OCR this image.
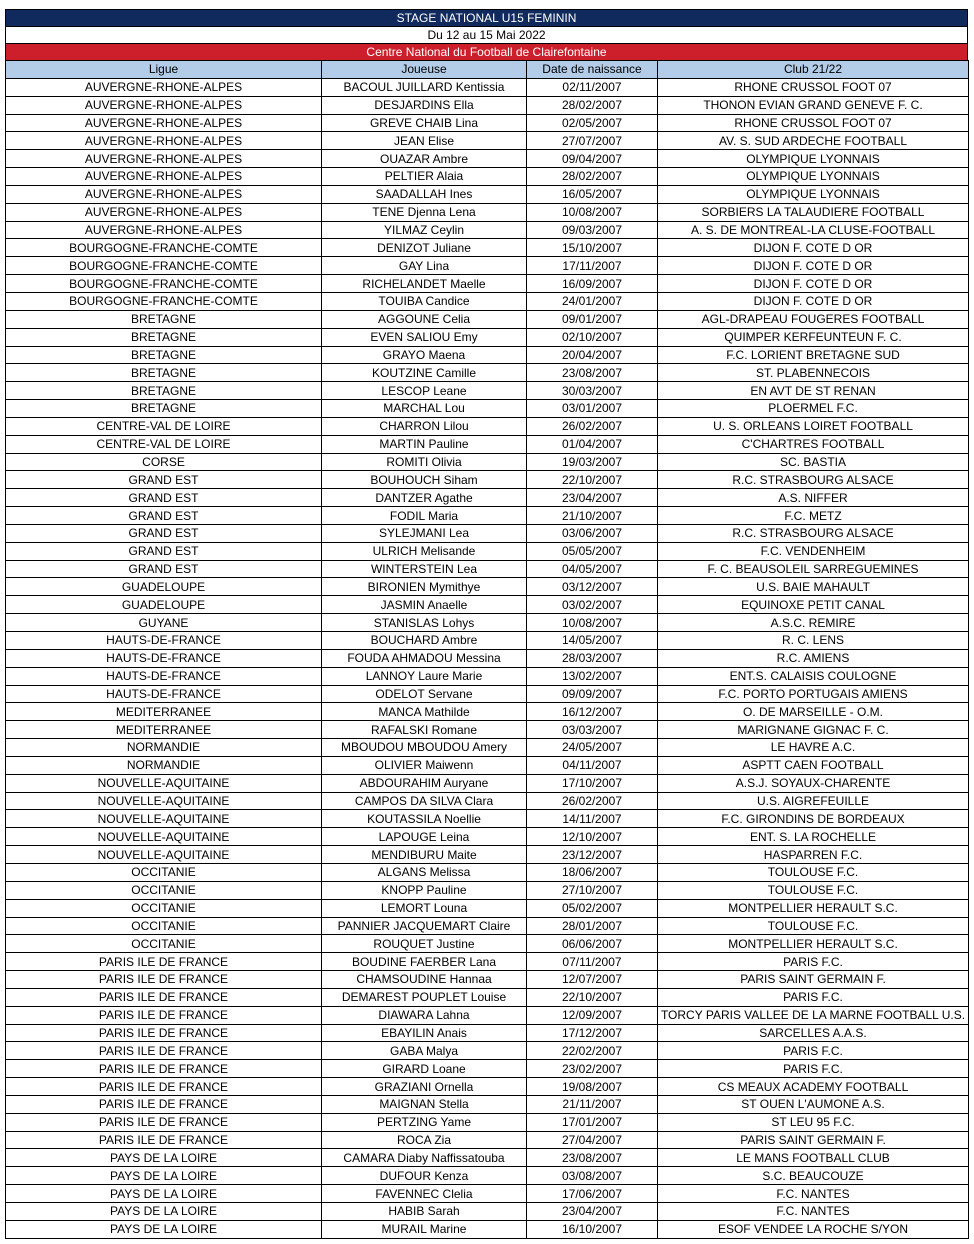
STAGE NATIONAL U15 FEMININ
Du 12 au 15 Mai 2022
Centre National du Football de Clairefontaine
Ligue	Joueuse	Date de naissance	Club 21/22
AUVERGNE-RHONE-ALPES	BACOUL JUILLARD Kentissia	02/11/2007	RHONE CRUSSOL FOOT 07
AUVERGNE-RHONE-ALPES	DESJARDINS Ella	28/02/2007	THONON EVIAN GRAND GENEVE F. C.
AUVERGNE-RHONE-ALPES	GREVE CHAIB Lina	02/05/2007	RHONE CRUSSOL FOOT 07
AUVERGNE-RHONE-ALPES	JEAN Elise	27/07/2007	AV. S. SUD ARDECHE FOOTBALL
AUVERGNE-RHONE-ALPES	OUAZAR Ambre	09/04/2007	OLYMPIQUE LYONNAIS
AUVERGNE-RHONE-ALPES	PELTIER Alaia	28/02/2007	OLYMPIQUE LYONNAIS
AUVERGNE-RHONE-ALPES	SAADALLAH Ines	16/05/2007	OLYMPIQUE LYONNAIS
AUVERGNE-RHONE-ALPES	TENE Djenna Lena	10/08/2007	SORBIERS LA TALAUDIERE FOOTBALL
AUVERGNE-RHONE-ALPES	YILMAZ Ceylin	09/03/2007	A. S. DE MONTREAL-LA CLUSE-FOOTBALL
BOURGOGNE-FRANCHE-COMTE	DENIZOT Juliane	15/10/2007	DIJON F. COTE D OR
BOURGOGNE-FRANCHE-COMTE	GAY Lina	17/11/2007	DIJON F. COTE D OR
BOURGOGNE-FRANCHE-COMTE	RICHELANDET Maelle	16/09/2007	DIJON F. COTE D OR
BOURGOGNE-FRANCHE-COMTE	TOUIBA Candice	24/01/2007	DIJON F. COTE D OR
BRETAGNE	AGGOUNE Celia	09/01/2007	AGL-DRAPEAU FOUGERES FOOTBALL
BRETAGNE	EVEN SALIOU Emy	02/10/2007	QUIMPER KERFEUNTEUN F. C.
BRETAGNE	GRAYO Maena	20/04/2007	F.C. LORIENT BRETAGNE SUD
BRETAGNE	KOUTZINE Camille	23/08/2007	ST. PLABENNECOIS
BRETAGNE	LESCOP Leane	30/03/2007	EN AVT DE ST RENAN
BRETAGNE	MARCHAL Lou	03/01/2007	PLOERMEL F.C.
CENTRE-VAL DE LOIRE	CHARRON Lilou	26/02/2007	U. S. ORLEANS LOIRET FOOTBALL
CENTRE-VAL DE LOIRE	MARTIN Pauline	01/04/2007	C'CHARTRES FOOTBALL
CORSE	ROMITI Olivia	19/03/2007	SC. BASTIA
GRAND EST	BOUHOUCH Siham	22/10/2007	R.C. STRASBOURG ALSACE
GRAND EST	DANTZER Agathe	23/04/2007	A.S. NIFFER
GRAND EST	FODIL Maria	21/10/2007	F.C. METZ
GRAND EST	SYLEJMANI Lea	03/06/2007	R.C. STRASBOURG ALSACE
GRAND EST	ULRICH Melisande	05/05/2007	F.C. VENDENHEIM
GRAND EST	WINTERSTEIN Lea	04/05/2007	F. C. BEAUSOLEIL SARREGUEMINES
GUADELOUPE	BIRONIEN Mymithye	03/12/2007	U.S. BAIE MAHAULT
GUADELOUPE	JASMIN Anaelle	03/02/2007	EQUINOXE PETIT CANAL
GUYANE	STANISLAS Lohys	10/08/2007	A.S.C. REMIRE
HAUTS-DE-FRANCE	BOUCHARD Ambre	14/05/2007	R. C. LENS
HAUTS-DE-FRANCE	FOUDA AHMADOU Messina	28/03/2007	R.C. AMIENS
HAUTS-DE-FRANCE	LANNOY Laure Marie	13/02/2007	ENT.S. CALAISIS COULOGNE
HAUTS-DE-FRANCE	ODELOT Servane	09/09/2007	F.C. PORTO PORTUGAIS AMIENS
MEDITERRANEE	MANCA Mathilde	16/12/2007	O. DE MARSEILLE - O.M.
MEDITERRANEE	RAFALSKI Romane	03/03/2007	MARIGNANE GIGNAC F. C.
NORMANDIE	MBOUDOU MBOUDOU Amery	24/05/2007	LE HAVRE A.C.
NORMANDIE	OLIVIER Maiwenn	04/11/2007	ASPTT CAEN FOOTBALL
NOUVELLE-AQUITAINE	ABDOURAHIM Auryane	17/10/2007	A.S.J. SOYAUX-CHARENTE
NOUVELLE-AQUITAINE	CAMPOS DA SILVA Clara	26/02/2007	U.S. AIGREFEUILLE
NOUVELLE-AQUITAINE	KOUTASSILA Noellie	14/11/2007	F.C. GIRONDINS DE BORDEAUX
NOUVELLE-AQUITAINE	LAPOUGE Leina	12/10/2007	ENT. S. LA ROCHELLE
NOUVELLE-AQUITAINE	MENDIBURU Maite	23/12/2007	HASPARREN F.C.
OCCITANIE	ALGANS Melissa	18/06/2007	TOULOUSE F.C.
OCCITANIE	KNOPP Pauline	27/10/2007	TOULOUSE F.C.
OCCITANIE	LEMORT Louna	05/02/2007	MONTPELLIER HERAULT S.C.
OCCITANIE	PANNIER JACQUEMART Claire	28/01/2007	TOULOUSE F.C.
OCCITANIE	ROUQUET Justine	06/06/2007	MONTPELLIER HERAULT S.C.
PARIS ILE DE FRANCE	BOUDINE FAERBER Lana	07/11/2007	PARIS F.C.
PARIS ILE DE FRANCE	CHAMSOUDINE Hannaa	12/07/2007	PARIS SAINT GERMAIN F.
PARIS ILE DE FRANCE	DEMAREST POUPLET Louise	22/10/2007	PARIS F.C.
PARIS ILE DE FRANCE	DIAWARA Lahna	12/09/2007	TORCY PARIS VALLEE DE LA MARNE FOOTBALL U.S.
PARIS ILE DE FRANCE	EBAYILIN Anais	17/12/2007	SARCELLES A.A.S.
PARIS ILE DE FRANCE	GABA Malya	22/02/2007	PARIS F.C.
PARIS ILE DE FRANCE	GIRARD Loane	23/02/2007	PARIS F.C.
PARIS ILE DE FRANCE	GRAZIANI Ornella	19/08/2007	CS MEAUX ACADEMY FOOTBALL
PARIS ILE DE FRANCE	MAIGNAN Stella	21/11/2007	ST OUEN L'AUMONE A.S.
PARIS ILE DE FRANCE	PERTZING Yame	17/01/2007	ST LEU 95 F.C.
PARIS ILE DE FRANCE	ROCA Zia	27/04/2007	PARIS SAINT GERMAIN F.
PAYS DE LA LOIRE	CAMARA Diaby Naffissatouba	23/08/2007	LE MANS FOOTBALL CLUB
PAYS DE LA LOIRE	DUFOUR Kenza	03/08/2007	S.C. BEAUCOUZE
PAYS DE LA LOIRE	FAVENNEC Clelia	17/06/2007	F.C. NANTES
PAYS DE LA LOIRE	HABIB Sarah	23/04/2007	F.C. NANTES
PAYS DE LA LOIRE	MURAIL Marine	16/10/2007	ESOF VENDEE LA ROCHE S/YON
